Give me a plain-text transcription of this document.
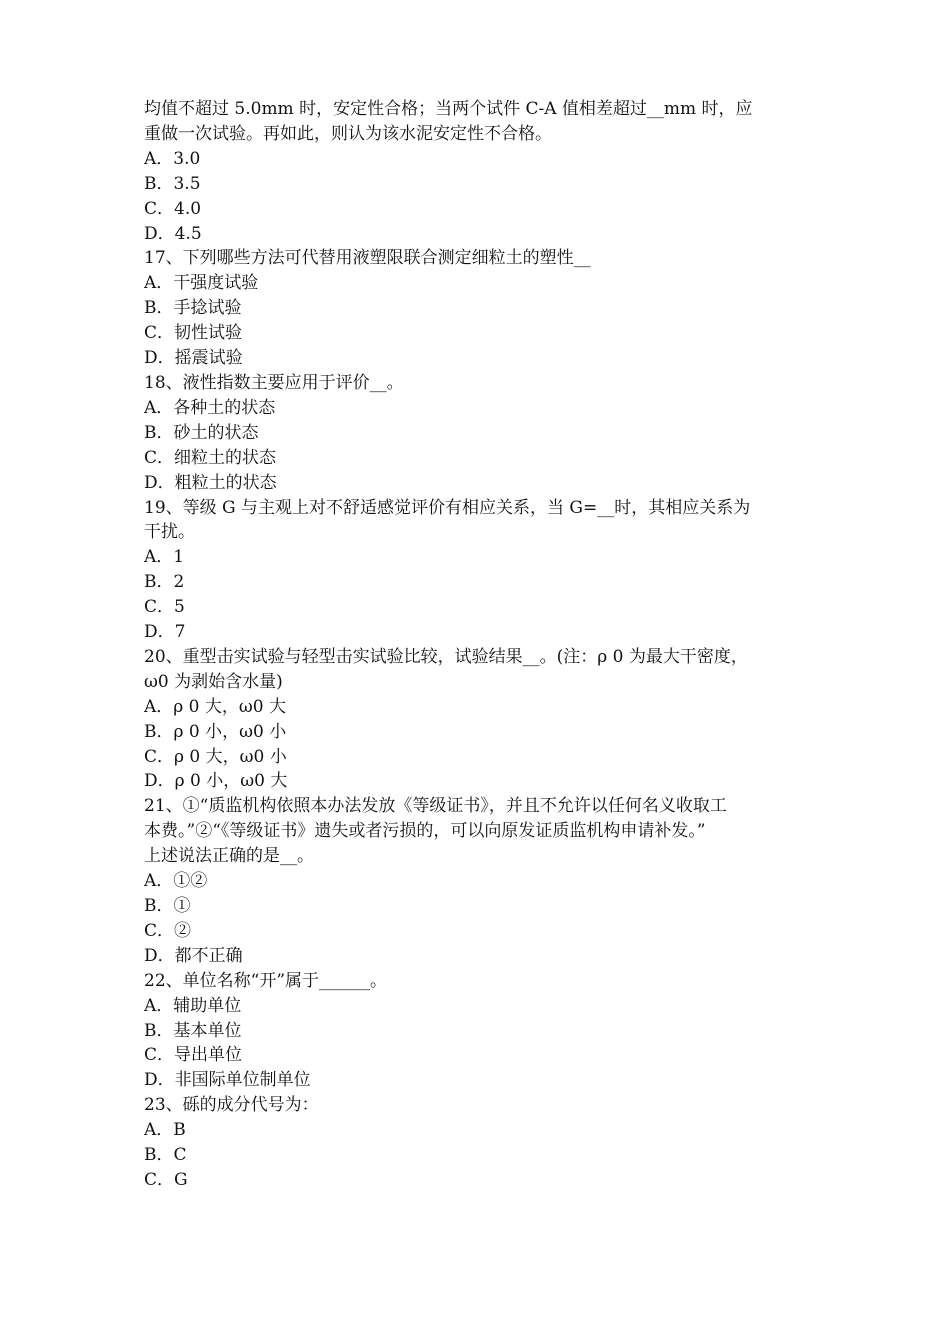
均值不超过 5.0mm 时，安定性合格；当两个试件 C-A 值相差超过__mm 时，应
重做一次试验。再如此，则认为该水泥安定性不合格。
A．3.0
B．3.5
C．4.0
D．4.5
17、下列哪些方法可代替用液塑限联合测定细粒土的塑性__
A．干强度试验
B．手捻试验
C．韧性试验
D．摇震试验
18、液性指数主要应用于评价__。
A．各种土的状态
B．砂土的状态
C．细粒土的状态
D．粗粒土的状态
19、等级 G 与主观上对不舒适感觉评价有相应关系，当 G=__时，其相应关系为
干扰。
A．1
B．2
C．5
D．7
20、重型击实试验与轻型击实试验比较，试验结果__。(注：ρ 0 为最大干密度，
ω0 为剥始含水量)
A．ρ 0 大，ω0 大
B．ρ 0 小，ω0 小
C．ρ 0 大，ω0 小
D．ρ 0 小，ω0 大
21、①“质监机构依照本办法发放《等级证书》，并且不允许以任何名义收取工
本费。”②“《等级证书》遗失或者污损的，可以向原发证质监机构申请补发。”
上述说法正确的是__。
A．①②
B．①
C．②
D．都不正确
22、单位名称“开”属于______。
A．辅助单位
B．基本单位
C．导出单位
D．非国际单位制单位
23、砾的成分代号为：
A．B
B．C
C．G
